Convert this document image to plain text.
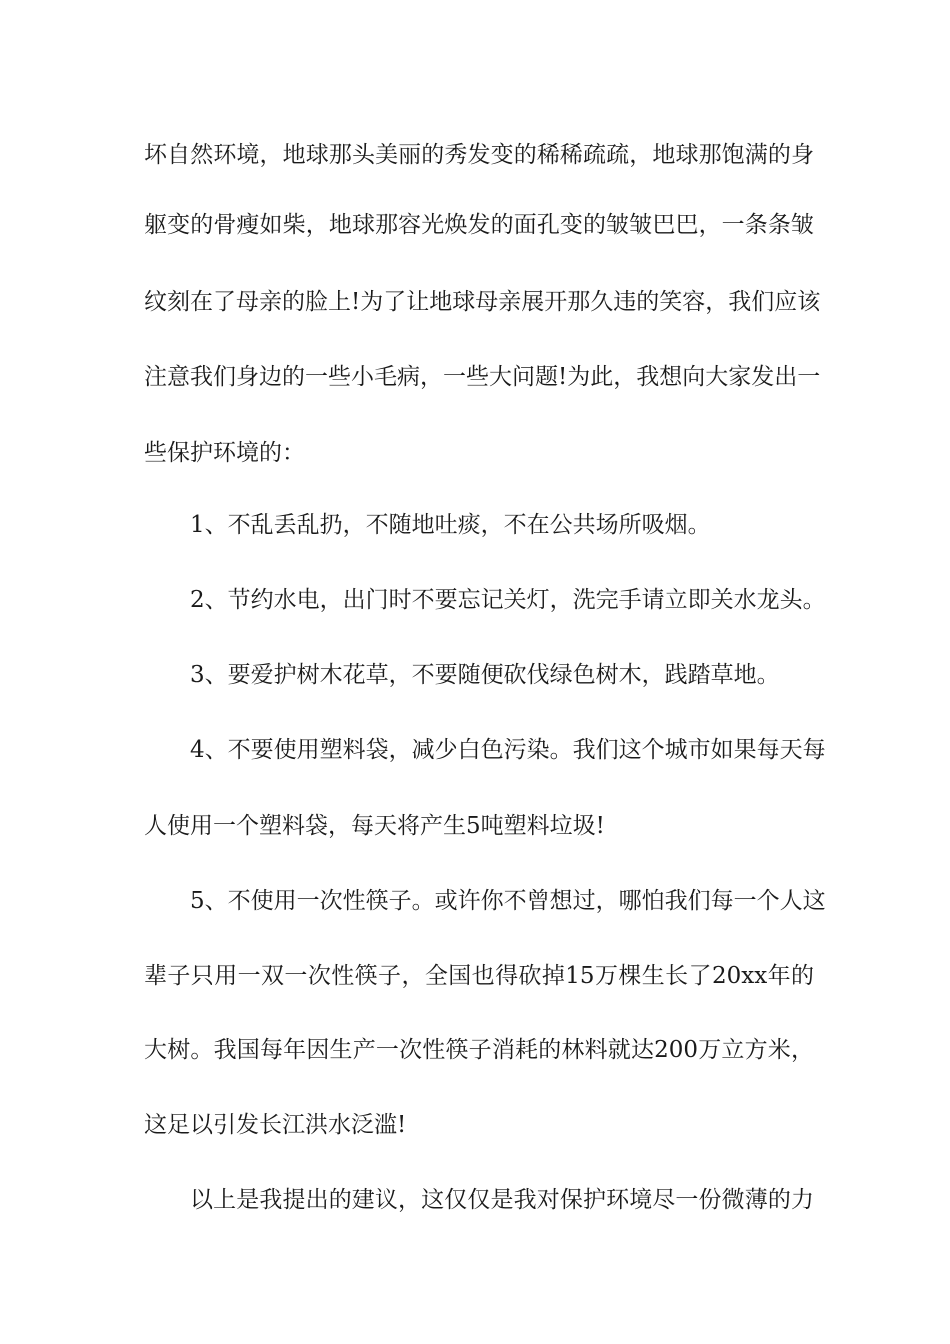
坏自然环境，地球那头美丽的秀发变的稀稀疏疏，地球那饱满的身
躯变的骨瘦如柴，地球那容光焕发的面孔变的皱皱巴巴，一条条皱
纹刻在了母亲的脸上!为了让地球母亲展开那久违的笑容，我们应该
注意我们身边的一些小毛病，一些大问题!为此，我想向大家发出一
些保护环境的：
1、不乱丢乱扔，不随地吐痰，不在公共场所吸烟。
2、节约水电，出门时不要忘记关灯，洗完手请立即关水龙头。
3、要爱护树木花草，不要随便砍伐绿色树木，践踏草地。
4、不要使用塑料袋，减少白色污染。我们这个城市如果每天每
人使用一个塑料袋，每天将产生5吨塑料垃圾!
5、不使用一次性筷子。或许你不曾想过，哪怕我们每一个人这
辈子只用一双一次性筷子，全国也得砍掉15万棵生长了20xx年的
大树。我国每年因生产一次性筷子消耗的林料就达200万立方米，
这足以引发长江洪水泛滥!
以上是我提出的建议，这仅仅是我对保护环境尽一份微薄的力
